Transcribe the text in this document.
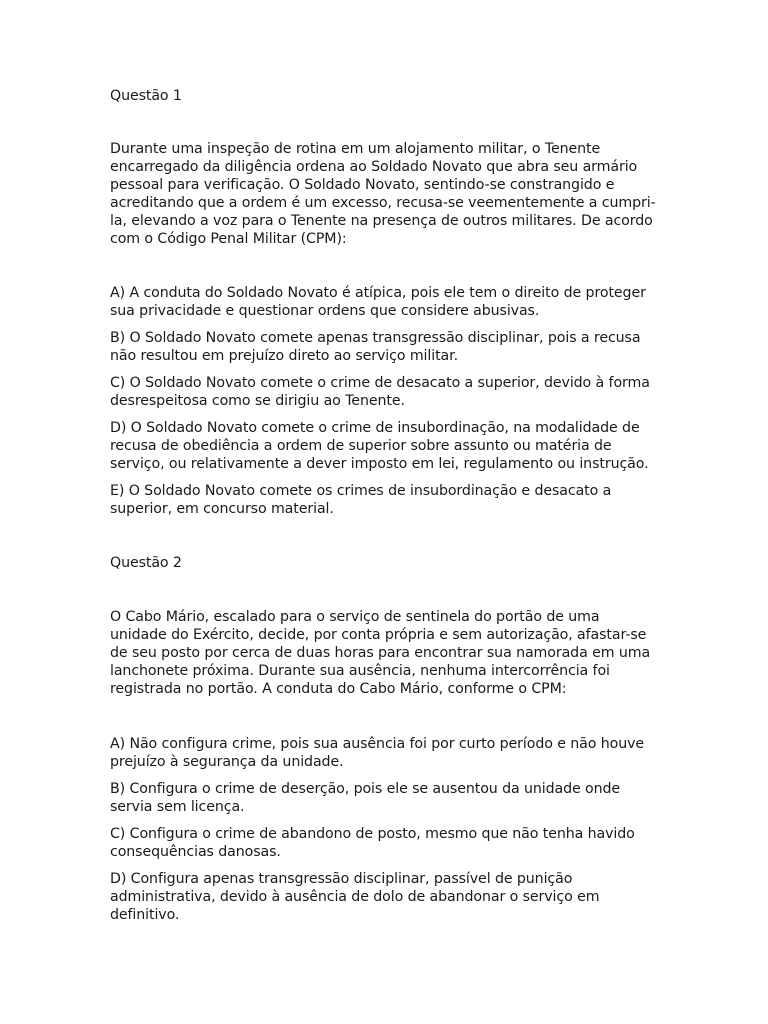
Questão 1
Durante uma inspeção de rotina em um alojamento militar, o Tenente
encarregado da diligência ordena ao Soldado Novato que abra seu armário
pessoal para verificação. O Soldado Novato, sentindo-se constrangido e
acreditando que a ordem é um excesso, recusa-se veementemente a cumpri-
la, elevando a voz para o Tenente na presença de outros militares. De acordo
com o Código Penal Militar (CPM):
A) A conduta do Soldado Novato é atípica, pois ele tem o direito de proteger
sua privacidade e questionar ordens que considere abusivas.
B) O Soldado Novato comete apenas transgressão disciplinar, pois a recusa
não resultou em prejuízo direto ao serviço militar.
C) O Soldado Novato comete o crime de desacato a superior, devido à forma
desrespeitosa como se dirigiu ao Tenente.
D) O Soldado Novato comete o crime de insubordinação, na modalidade de
recusa de obediência a ordem de superior sobre assunto ou matéria de
serviço, ou relativamente a dever imposto em lei, regulamento ou instrução.
E) O Soldado Novato comete os crimes de insubordinação e desacato a
superior, em concurso material.
Questão 2
O Cabo Mário, escalado para o serviço de sentinela do portão de uma
unidade do Exército, decide, por conta própria e sem autorização, afastar-se
de seu posto por cerca de duas horas para encontrar sua namorada em uma
lanchonete próxima. Durante sua ausência, nenhuma intercorrência foi
registrada no portão. A conduta do Cabo Mário, conforme o CPM:
A) Não configura crime, pois sua ausência foi por curto período e não houve
prejuízo à segurança da unidade.
B) Configura o crime de deserção, pois ele se ausentou da unidade onde
servia sem licença.
C) Configura o crime de abandono de posto, mesmo que não tenha havido
consequências danosas.
D) Configura apenas transgressão disciplinar, passível de punição
administrativa, devido à ausência de dolo de abandonar o serviço em
definitivo.
